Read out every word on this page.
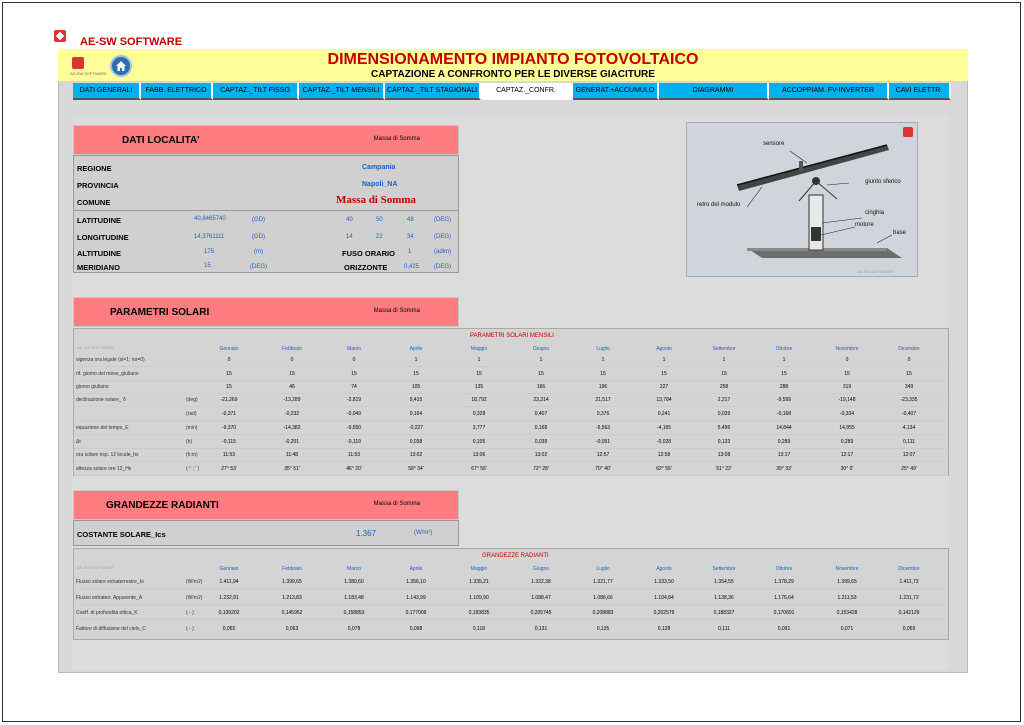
AE-SW SOFTWARE
AE-SW SOFTWARE
DIMENSIONAMENTO IMPIANTO FOTOVOLTAICO
CAPTAZIONE A CONFRONTO PER LE DIVERSE GIACITURE
DATI GENERALI	FABB. ELETTRICO	CAPTAZ._TILT FISSO	CAPTAZ._TILT MENSILI	CAPTAZ._TILT STAGIONALI	CAPTAZ._CONFR.	GENERAT.+ACCUMULO	DIAGRAMMI	ACCOPPIAM. FV-INVERTER	CAVI ELETTR.
DATI LOCALITA'	Massa di Somma
REGIONE	Campania
PROVINCIA	Napoli_NA
COMUNE	Massa di Somma
LATITUDINE	40,8465740	(GD)	40	50	48	(DEG)
LONGITUDINE	14,3761111	(GD)	14	22	34	(DEG)
ALTITUDINE	175	(m)	FUSO ORARIO 1	(adim)
MERIDIANO	15	(DEG)	ORIZZONTE	0,425 (DEG)
sensore
giunto sferico
retro del modulo
cinghia
motore
base
AE-SW SOFTWARE
PARAMETRI SOLARI	Massa di Somma
PARAMETRI SOLARI MENSILI
AE-SW SOFTWARE	Gennaio	Febbraio	Marzo	Aprile	Maggio	Giugno	Luglio	Agosto	Settembre	Ottobre	Novembre	Dicembre
vigenza ora legale (si=1; no=0)	0	0	0	1	1	1	1	1	1	1	0	0
rif. giorno del mese_giuliano	15	15	15	15	15	15	15	15	15	15	15	15
giorno giuliano	15	46	74	105	135	166	196	227	258	288	319	349
declinazione solare_ δ	(deg)	-21,269	-13,289	-2,819	9,415	18,792	23,314	21,517	13,784	2,217	-9,599	-19,148	-23,335
(rad)	-0,371	-0,232	-0,049	0,164	0,328	0,407	0,376	0,241	0,039	-0,168	-0,334	-0,407
equazione del tempo_E	(min)	-9,370	-14,382	-9,650	-0,227	3,777	0,168	-5,563	-4,165	5,496	14,844	14,855	4,134
Δt	(h)	-0,115	-0,201	-0,119	0,038	0,105	0,039	-0,051	-0,028	0,133	0,289	0,289	0,111
ora solare risp. 12 locale_hs	(h:m)	11:53	11:48	11:53	13:02	13:06	13:02	12:57	12:58	13:08	13:17	12:17	12:07
altezza solare ore 12_Hs	( ° ; ' )	27° 53'	35° 51'	46° 20'	58° 34'	67° 56'	72° 28'	70° 40'	62° 56'	51° 22'	39° 33'	30° 0'	25° 49'
GRANDEZZE RADIANTI	Massa di Somma
COSTANTE SOLARE_Ics	1.367	(W/m²)
GRANDEZZE RADIANTI
AE-SW SOFTWARE	Gennaio	Febbraio	Marzo	Aprile	Maggio	Giugno	Luglio	Agosto	Settembre	Ottobre	Novembre	Dicembre
Flusso solare extraterrestre_Io	(W/m2)	1.411,94	1.399,65	1.380,60	1.356,10	1.335,21	1.322,38	1.321,77	1.333,50	1.354,55	1.378,29	1.399,65	1.411,73
Flusso extraterr. Apparente_A	(W/m2)	1.232,91	1.213,83	1.183,48	1.143,99	1.109,90	1.088,47	1.086,66	1.104,84	1.138,36	1.176,64	1.211,53	1.231,72
Coeff. di profondità ottica_K	( - )	0,139202	0,145952	0,158853	0,177009	0,193835	0,205745	0,208883	0,202579	0,188327	0,170691	0,153428	0,142129
Fattore di diffusione del cielo_C	( - )	0,055	0,063	0,078	0,098	0,118	0,131	0,135	0,128	0,111	0,091	0,071	0,059
